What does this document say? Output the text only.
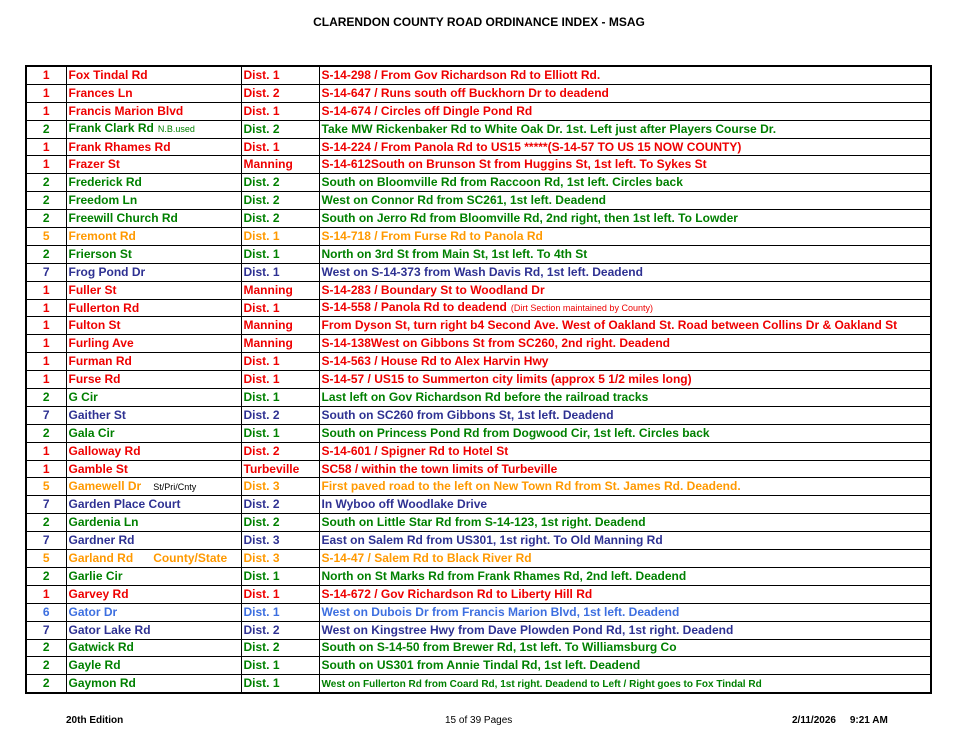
CLARENDON COUNTY ROAD ORDINANCE INDEX - MSAG
1	Fox Tindal Rd	Dist. 1	S-14-298 / From Gov Richardson Rd to Elliott Rd.
1	Frances Ln	Dist. 2	S-14-647 / Runs south off Buckhorn Dr to deadend
1	Francis Marion Blvd	Dist. 1	S-14-674 / Circles off Dingle Pond Rd
2	Frank Clark Rd N.B.used	Dist. 2	Take MW Rickenbaker Rd to White Oak Dr. 1st. Left just after Players Course Dr.
1	Frank Rhames Rd	Dist. 1	S-14-224 / From Panola Rd to US15 *****(S-14-57 TO US 15 NOW COUNTY)
1	Frazer St	Manning	S-14-612South on Brunson St from Huggins St, 1st left. To Sykes St
2	Frederick Rd	Dist. 2	South on Bloomville Rd from Raccoon Rd, 1st left. Circles back
2	Freedom Ln	Dist. 2	West on Connor Rd from SC261, 1st left. Deadend
2	Freewill Church Rd	Dist. 2	South on Jerro Rd from Bloomville Rd, 2nd right, then 1st left. To Lowder
5	Fremont Rd	Dist. 1	S-14-718 / From Furse Rd to Panola Rd
2	Frierson St	Dist. 1	North on 3rd St from Main St, 1st left. To 4th St
7	Frog Pond Dr	Dist. 1	West on S-14-373 from Wash Davis Rd, 1st left. Deadend
1	Fuller St	Manning	S-14-283 / Boundary St to Woodland Dr
1	Fullerton Rd	Dist. 1	S-14-558 / Panola Rd to deadend (Dirt Section maintained by County)
1	Fulton St	Manning	From Dyson St, turn right b4 Second Ave. West of Oakland St. Road between Collins Dr & Oakland St
1	Furling Ave	Manning	S-14-138West on Gibbons St from SC260, 2nd right. Deadend
1	Furman Rd	Dist. 1	S-14-563 / House Rd to Alex Harvin Hwy
1	Furse Rd	Dist. 1	S-14-57 / US15 to Summerton city limits (approx 5 1/2 miles long)
2	G Cir	Dist. 1	Last left on Gov Richardson Rd before the railroad tracks
7	Gaither St	Dist. 2	South on SC260 from Gibbons St, 1st left. Deadend
2	Gala Cir	Dist. 1	South on Princess Pond Rd from Dogwood Cir, 1st left. Circles back
1	Galloway Rd	Dist. 2	S-14-601 / Spigner Rd to Hotel St
1	Gamble St	Turbeville	SC58 / within the town limits of Turbeville
5	Gamewell Dr St/Pri/Cnty	Dist. 3	First paved road to the left on New Town Rd from St. James Rd. Deadend.
7	Garden Place Court	Dist. 2	In Wyboo off Woodlake Drive
2	Gardenia Ln	Dist. 2	South on Little Star Rd from S-14-123, 1st right. Deadend
7	Gardner Rd	Dist. 3	East on Salem Rd from US301, 1st right. To Old Manning Rd
5	Garland Rd County/State	Dist. 3	S-14-47 / Salem Rd to Black River Rd
2	Garlie Cir	Dist. 1	North on St Marks Rd from Frank Rhames Rd, 2nd left. Deadend
1	Garvey Rd	Dist. 1	S-14-672 / Gov Richardson Rd to Liberty Hill Rd
6	Gator Dr	Dist. 1	West on Dubois Dr from Francis Marion Blvd, 1st left. Deadend
7	Gator Lake Rd	Dist. 2	West on Kingstree Hwy from Dave Plowden Pond Rd, 1st right. Deadend
2	Gatwick Rd	Dist. 2	South on S-14-50 from Brewer Rd, 1st left. To Williamsburg Co
2	Gayle Rd	Dist. 1	South on US301 from Annie Tindal Rd, 1st left. Deadend
2	Gaymon Rd	Dist. 1	West on Fullerton Rd from Coard Rd, 1st right. Deadend to Left / Right goes to Fox Tindal Rd
20th Edition	15 of 39 Pages	2/11/2026     9:21 AM
